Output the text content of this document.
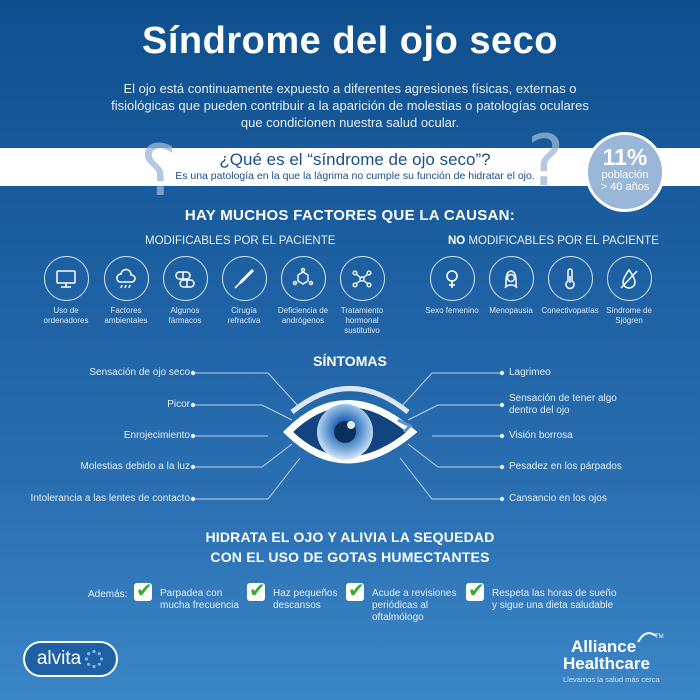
Síndrome del ojo seco
El ojo está continuamente expuesto a diferentes agresiones físicas, externas o fisiológicas que pueden contribuir a la aparición de molestias o patologías oculares que condicionen nuestra salud ocular.
?	?
¿Qué es el “síndrome de ojo seco”?
Es una patología en la que la lágrima no cumple su función de hidratar el ojo.
11%
población
> 40 años
HAY MUCHOS FACTORES QUE LA CAUSAN:
MODIFICABLES POR EL PACIENTE	NO MODIFICABLES POR EL PACIENTE
Uso de ordenadores
Factores ambientales
Algunos fármacos
Cirugía refractiva
Deficiencia de andrógenos
Tratamiento hormonal sustitutivo
Sexo femenino	Menopausia	Conectivopatías Síndrome de Sjögren
SÍNTOMAS
Sensación de ojo seco
Picor
Enrojecimiento
Molestias debido a la luz
Intolerancia a las lentes de contacto
Lagrimeo
Sensación de tener algo dentro del ojo
Visión borrosa
Pesadez en los párpados
Cansancio en los ojos
HIDRATA EL OJO Y ALIVIA LA SEQUEDAD
CON EL USO DE GOTAS HUMECTANTES
Además: ✔ Parpadea con mucha frecuencia
✔ Haz pequeños descansos
✔ Acude a revisiones periódicas al oftalmólogo
✔ Respeta las horas de sueño y sigue una dieta saludable
alvita
TM
Alliance
Healthcare
Llevamos la salud más cerca
